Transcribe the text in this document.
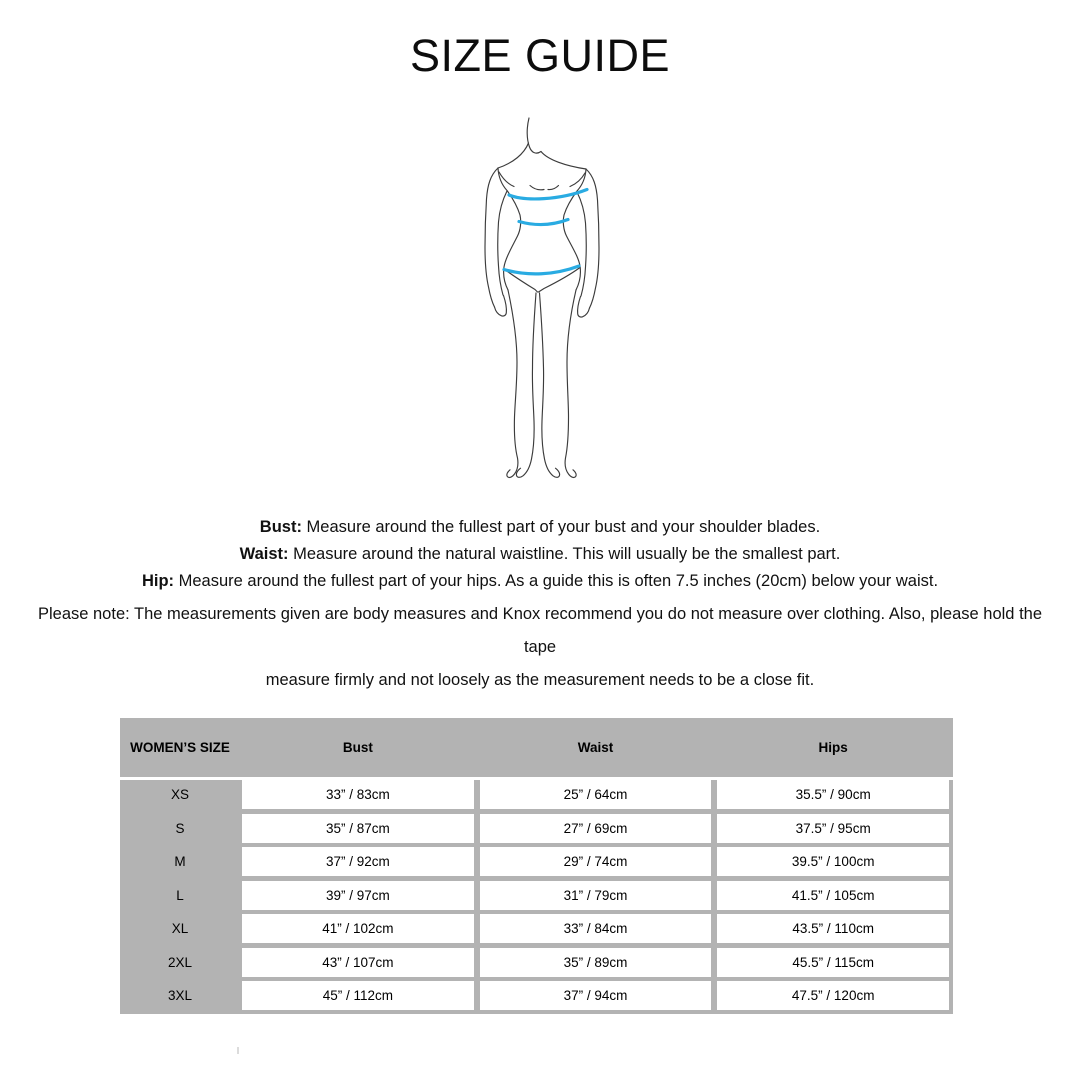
SIZE GUIDE

Bust: Measure around the fullest part of your bust and your shoulder blades.

Waist: Measure around the natural waistline. This will usually be the smallest part.

Hip: Measure around the fullest part of your hips. As a guide this is often 7.5 inches (20cm) below your waist.

Please note: The measurements given are body measures and Knox recommend you do not measure over clothing. Also, please hold the tape

measure firmly and not loosely as the measurement needs to be a close fit.

WOMEN’S SIZE	Bust	Waist	Hips
XS	33” / 83cm	25” / 64cm	35.5” / 90cm
S	35” / 87cm	27” / 69cm	37.5” / 95cm
M	37” / 92cm	29” / 74cm	39.5” / 100cm
L	39” / 97cm	31” / 79cm	41.5” / 105cm
XL	41” / 102cm	33” / 84cm	43.5” / 110cm
2XL	43” / 107cm	35” / 89cm	45.5” / 115cm
3XL	45” / 112cm	37” / 94cm	47.5” / 120cm
